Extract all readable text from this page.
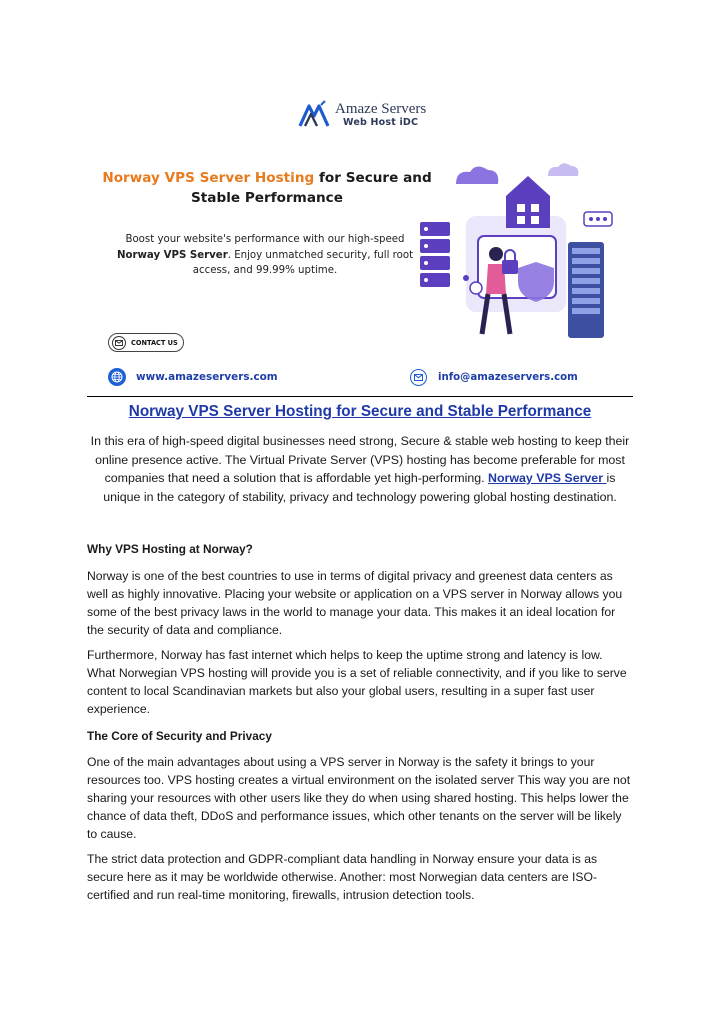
Amaze Servers
Web Host iDC
Norway VPS Server Hosting for Secure and Stable Performance
Boost your website's performance with our high-speed Norway VPS Server. Enjoy unmatched security, full root access, and 99.99% uptime.
CONTACT US
www.amazeservers.com	info@amazeservers.com
Norway VPS Server Hosting for Secure and Stable Performance
In this era of high-speed digital businesses need strong, Secure & stable web hosting to keep their online presence active. The Virtual Private Server (VPS) hosting has become preferable for most companies that need a solution that is affordable yet high-performing. Norway VPS Server is unique in the category of stability, privacy and technology powering global hosting destination.
Why VPS Hosting at Norway?
Norway is one of the best countries to use in terms of digital privacy and greenest data centers as well as highly innovative. Placing your website or application on a VPS server in Norway allows you some of the best privacy laws in the world to manage your data. This makes it an ideal location for the security of data and compliance.
Furthermore, Norway has fast internet which helps to keep the uptime strong and latency is low. What Norwegian VPS hosting will provide you is a set of reliable connectivity, and if you like to serve content to local Scandinavian markets but also your global users, resulting in a super fast user experience.
The Core of Security and Privacy
One of the main advantages about using a VPS server in Norway is the safety it brings to your resources too. VPS hosting creates a virtual environment on the isolated server This way you are not sharing your resources with other users like they do when using shared hosting. This helps lower the chance of data theft, DDoS and performance issues, which other tenants on the server will be likely to cause.
The strict data protection and GDPR-compliant data handling in Norway ensure your data is as secure here as it may be worldwide otherwise. Another: most Norwegian data centers are ISO-certified and run real-time monitoring, firewalls, intrusion detection tools.
